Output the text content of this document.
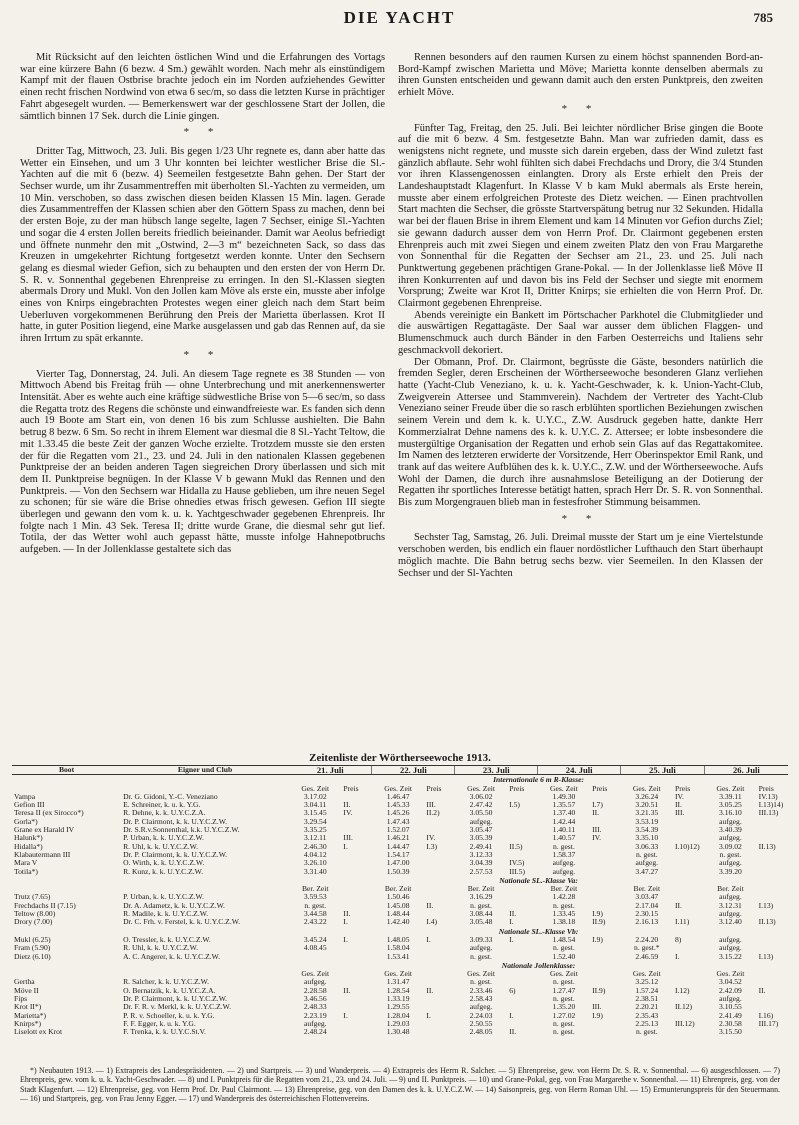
DIE YACHT	785

Mit Rücksicht auf den leichten östlichen Wind und die Erfahrungen des Vortags war eine kürzere Bahn (6 bezw. 4 Sm.) gewählt worden. Nach mehr als einstündigem Kampf mit der flauen Ostbrise brachte jedoch ein im Norden aufziehendes Gewitter einen recht frischen Nordwind von etwa 6 sec/m, so dass die letzten Kurse in prächtiger Fahrt abgesegelt wurden. — Bemerkenswert war der geschlossene Start der Jollen, die sämtlich binnen 17 Sek. durch die Linie gingen.

* *

Dritter Tag, Mittwoch, 23. Juli. Bis gegen 1/23 Uhr regnete es, dann aber hatte das Wetter ein Einsehen, und um 3 Uhr konnten bei leichter westlicher Brise die Sl.-Yachten auf die mit 6 (bezw. 4) Seemeilen festgesetzte Bahn gehen. Der Start der Sechser wurde, um ihr Zusammentreffen mit überholten Sl.-Yachten zu vermeiden, um 10 Min. verschoben, so dass zwischen diesen beiden Klassen 15 Min. lagen. Gerade dies Zusammentreffen der Klassen schien aber den Göttern Spass zu machen, denn bei der ersten Boje, zu der man hübsch lange segelte, lagen 7 Sechser, einige Sl.-Yachten und sogar die 4 ersten Jollen bereits friedlich beieinander. Damit war Aeolus befriedigt und öffnete nunmehr den mit „Ostwind, 2—3 m“ bezeichneten Sack, so dass das Kreuzen in umgekehrter Richtung fortgesetzt werden konnte. Unter den Sechsern gelang es diesmal wieder Gefion, sich zu behaupten und den ersten der von Herrn Dr. S. R. v. Sonnenthal gegebenen Ehrenpreise zu erringen. In den Sl.-Klassen siegten abermals Drory und Mukl. Von den Jollen kam Möve als erste ein, musste aber infolge eines von Knirps eingebrachten Protestes wegen einer gleich nach dem Start beim Ueberluven vorgekommenen Berührung den Preis der Marietta überlassen. Krot II hatte, in guter Position liegend, eine Marke ausgelassen und gab das Rennen auf, da sie ihren Irrtum zu spät erkannte.

* *

Vierter Tag, Donnerstag, 24. Juli. An diesem Tage regnete es 38 Stunden — von Mittwoch Abend bis Freitag früh — ohne Unterbrechung und mit anerkennenswerter Intensität. Aber es wehte auch eine kräftige südwestliche Brise von 5—6 sec/m, so dass die Regatta trotz des Regens die schönste und einwandfreieste war. Es fanden sich denn auch 19 Boote am Start ein, von denen 16 bis zum Schlusse aushielten. Die Bahn betrug 8 bezw. 6 Sm. So recht in ihrem Element war diesmal die 8 Sl.-Yacht Teltow, die mit 1.33.45 die beste Zeit der ganzen Woche erzielte. Trotzdem musste sie den ersten der für die Regatten vom 21., 23. und 24. Juli in den nationalen Klassen gegebenen Punktpreise der an beiden anderen Tagen siegreichen Drory überlassen und sich mit dem II. Punktpreise begnügen. In der Klasse V b gewann Mukl das Rennen und den Punktpreis. — Von den Sechsern war Hidalla zu Hause geblieben, um ihre neuen Segel zu schonen; für sie wäre die Brise ohnedies etwas frisch gewesen. Gefion III siegte überlegen und gewann den vom k. u. k. Yachtgeschwader gegebenen Ehrenpreis. Ihr folgte nach 1 Min. 43 Sek. Teresa II; dritte wurde Grane, die diesmal sehr gut lief. Totila, der das Wetter wohl auch gepasst hätte, musste infolge Hahnepotbruchs aufgeben. — In der Jollenklasse gestaltete sich das

Rennen besonders auf den raumen Kursen zu einem höchst spannenden Bord-an-Bord-Kampf zwischen Marietta und Möve; Marietta konnte denselben abermals zu ihren Gunsten entscheiden und gewann damit auch den ersten Punktpreis, den zweiten erhielt Möve.

* *

Fünfter Tag, Freitag, den 25. Juli. Bei leichter nördlicher Brise gingen die Boote auf die mit 6 bezw. 4 Sm. festgesetzte Bahn. Man war zufrieden damit, dass es wenigstens nicht regnete, und musste sich darein ergeben, dass der Wind zuletzt fast gänzlich abflaute. Sehr wohl fühlten sich dabei Frechdachs und Drory, die 3/4 Stunden vor ihren Klassengenossen einlangten. Drory als Erste erhielt den Preis der Landeshauptstadt Klagenfurt. In Klasse V b kam Mukl abermals als Erste herein, musste aber einem erfolgreichen Proteste des Dietz weichen. — Einen prachtvollen Start machten die Sechser, die grösste Startverspätung betrug nur 32 Sekunden. Hidalla war bei der flauen Brise in ihrem Element und kam 14 Minuten vor Gefion durchs Ziel; sie gewann dadurch ausser dem von Herrn Prof. Dr. Clairmont gegebenen ersten Ehrenpreis auch mit zwei Siegen und einem zweiten Platz den von Frau Margarethe von Sonnenthal für die Regatten der Sechser am 21., 23. und 25. Juli nach Punktwertung gegebenen prächtigen Grane-Pokal. — In der Jollenklasse ließ Möve II ihren Konkurrenten auf und davon bis ins Feld der Sechser und siegte mit enormem Vorsprung; Zweite war Krot II, Dritter Knirps; sie erhielten die von Herrn Prof. Dr. Clairmont gegebenen Ehrenpreise.

Abends vereinigte ein Bankett im Pörtschacher Parkhotel die Clubmitglieder und die auswärtigen Regattagäste. Der Saal war ausser dem üblichen Flaggen- und Blumenschmuck auch durch Bänder in den Farben Oesterreichs und Italiens sehr geschmackvoll dekoriert.

Der Obmann, Prof. Dr. Clairmont, begrüsste die Gäste, besonders natürlich die fremden Segler, deren Erscheinen der Wörtherseewoche besonderen Glanz verliehen hatte (Yacht-Club Veneziano, k. u. k. Yacht-Geschwader, k. k. Union-Yacht-Club, Zweigverein Attersee und Stammverein). Nachdem der Vertreter des Yacht-Club Veneziano seiner Freude über die so rasch erblühten sportlichen Beziehungen zwischen seinem Verein und dem k. k. U.Y.C., Z.W. Ausdruck gegeben hatte, dankte Herr Kommerzialrat Dehne namens des k. k. U.Y.C. Z. Attersee; er lobte insbesondere die mustergültige Organisation der Regatten und erhob sein Glas auf das Regattakomitee. Im Namen des letzteren erwiderte der Vorsitzende, Herr Oberinspektor Emil Rank, und trank auf das weitere Aufblühen des k. k. U.Y.C., Z.W. und der Wörtherseewoche. Aufs Wohl der Damen, die durch ihre ausnahmslose Beteiligung an der Dotierung der Regatten ihr sportliches Interesse betätigt hatten, sprach Herr Dr. S. R. von Sonnenthal. Bis zum Morgengrauen blieb man in festesfroher Stimmung beisammen.

* *

Sechster Tag, Samstag, 26. Juli. Dreimal musste der Start um je eine Viertelstunde verschoben werden, bis endlich ein flauer nordöstlicher Lufthauch den Start überhaupt möglich machte. Die Bahn betrug sechs bezw. vier Seemeilen. In den Klassen der Sechser und der Sl-Yachten

Zeitenliste der Wörtherseewoche 1913.
Boot	Eigner und Club	21. Juli		22. Juli		23. Juli		24. Juli		25. Juli		26. Juli	
		Internationale 6 m R-Klasse:											
		Ges. Zeit	Preis	Ges. Zeit	Preis	Ges. Zeit	Preis	Ges. Zeit	Preis	Ges. Zeit	Preis	Ges. Zeit	Preis
Vampa	Dr. G. Gidoni, Y.-C. Veneziano	3.17.02		1.46.47		3.06.02		1.49.30		3.26.24	IV.	3.39.11	IV.13)
Gefion III	E. Schreiner, k. u. k. Y.G.	3.04.11	II.	1.45.33	III.	2.47.42	I.5)	1.35.57	I.7)	3.20.51	II.	3.05.25	I.13)14)
Teresa II (ex Sirocco*)	R. Dehne, k. k. U.Y.C.Z.A.	3.15.45	IV.	1.45.26	II.2)	3.05.50		1.37.40	II.	3.21.35	III.	3.16.10	III.13)
Gorla*)	Dr. P. Clairmont, k. k. U.Y.C.Z.W.	3.29.54		1.47.43		aufgeg.		1.42.44		3.53.19		aufgeg.	
Grane ex Harald IV	Dr. S.R.v.Sonnenthal, k.k. U.Y.C.Z.W.	3.35.25		1.52.07		3.05.47		1.40.11	III.	3.54.39		3.40.39	
Halunk*)	P. Urban, k. k. U.Y.C.Z.W.	3.12.11	III.	1.46.21	IV.	3.05.39		1.40.57	IV.	3.35.10		aufgeg.	
Hidalla*)	R. Uhl, k. k. U.Y.C.Z.W.	2.46.30	I.	1.44.47	I.3)	2.49.41	II.5)	n. gest.		3.06.33	I.10)12)	3.09.02	II.13)
Klabautermann III	Dr. P. Clairmont, k. k. U.Y.C.Z.W.	4.04.12		1.54.17		3.12.33		1.58.37		n. gest.		n. gest.	
Mara V	O. Wirth, k. k. U.Y.C.Z.W.	3.26.10		1.47.00		3.04.39	IV.5)	aufgeg.		aufgeg.		aufgeg.	
Totila*)	R. Kunz, k. k. U.Y.C.Z.W.	3.31.40		1.50.39		2.57.53	III.5)	aufgeg.		3.47.27		3.39.20	
		Nationale SL.-Klasse Va:											
		Ber. Zeit		Ber. Zeit		Ber. Zeit		Ber. Zeit		Ber. Zeit		Ber. Zeit	
Trutz (7.65)	P. Urban, k. k. U.Y.C.Z.W.	3.59.53		1.50.46		3.16.29		1.42.28		3.03.47		aufgeg.	
Frechdachs II (7.15)	Dr. A. Adametz, k. k. U.Y.C.Z.W.	n. gest.		1.45.08	II.	n. gest.		n. gest.		2.17.04	II.	3.12.31	I.13)
Teltow (8.00)	R. Madile, k. k. U.Y.C.Z.W.	3.44.58	II.	1.48.44		3.08.44	II.	1.33.45	I.9)	2.30.15		aufgeg.	
Drory (7.00)	Dr. C. Frh. v. Ferstel, k. k. U.Y.C.Z.W.	2.43.22	I.	1.42.40	I.4)	3.05.48	I.	1.38.18	II.9)	2.16.13	I.11)	3.12.40	II.13)
		Nationale SL.-Klasse Vb:											

Mukl (6.25)	O. Tressler, k. k. U.Y.C.Z.W.	3.45.24	I.	1.48.05	I.	3.09.33	I.	1.48.54	I.9)	2.24.20	8)	aufgeg.	
Fram (5.90)	R. Uhl, k. k. U.Y.C.Z.W.	4.08.45		1.58.04		aufgeg.		n. gest.		n. gest.*		aufgeg.	
Dietz (6.10)	A. C. Angerer, k. k. U.Y.C.Z.W.			1.53.41		n. gest.		1.52.40		2.46.59	I.	3.15.22	I.13)
		Nationale Jollenklasse:											
		Ges. Zeit		Ges. Zeit		Ges. Zeit		Ges. Zeit		Ges. Zeit		Ges. Zeit	
Gertha	R. Salcher, k. k. U.Y.C.Z.W.	aufgeg.		1.31.47		n. gest.		n. gest.		3.25.12		3.04.52	
Möve II	O. Bernatzik, k. k. U.Y.C.Z.A.	2.28.58	II.	1.28.54	II.	2.33.46	6)	1.27.47	II.9)	1.57.24	I.12)	2.42.09	II.
Fips	Dr. P. Clairmont, k. k. U.Y.C.Z.W.	3.46.56		1.33.19		2.58.43		n. gest.		2.38.51		aufgeg.	
Krot II*)	Dr. F. R. v. Merkl, k. k. U.Y.C.Z.W.	2.48.33		1.29.55		aufgeg.		1.35.20	III.	2.20.21	II.12)	3.10.55	
Marietta*)	P. R. v. Schoeller, k. u. k. Y.G.	2.23.19	I.	1.28.04	I.	2.24.03	I.	1.27.02	I.9)	2.35.43		2.41.49	I.16)
Knirps*)	F. F. Egger, k. u. k. Y.G.	aufgeg.		1.29.03		2.50.55		n. gest.		2.25.13	III.12)	2.30.58	III.17)
Liselott ex Krot	F. Trenka, k. k. U.Y.C.St.V.	2.48.24		1.30.48		2.48.05	II.	n. gest.		n. gest.		3.15.50	

*) Neubauten 1913. — 1) Extrapreis des Landespräsidenten. — 2) und Startpreis. — 3) und Wanderpreis. — 4) Extrapreis des Herrn R. Salcher. — 5) Ehrenpreise, gew. von Herrn Dr. S. R. v. Sonnenthal. — 6) ausgeschlossen. — 7) Ehrenpreis, gew. vom k. u. k. Yacht-Geschwader. — 8) und I. Punktpreis für die Regatten vom 21., 23. und 24. Juli. — 9) und II. Punktpreis. — 10) und Grane-Pokal, geg. von Frau Margarethe v. Sonnenthal. — 11) Ehrenpreis, geg. von der Stadt Klagenfurt. — 12) Ehrenpreise, geg. von Herrn Prof. Dr. Paul Clairmont. — 13) Ehrenpreise, geg. von den Damen des k. k. U.Y.C.Z.W. — 14) Saisonpreis, geg. von Herrn Roman Uhl. — 15) Ermunterungspreis für den Steuermann. — 16) und Startpreis, geg. von Frau Jenny Egger. — 17) und Wanderpreis des österreichischen Flottenvereins.
